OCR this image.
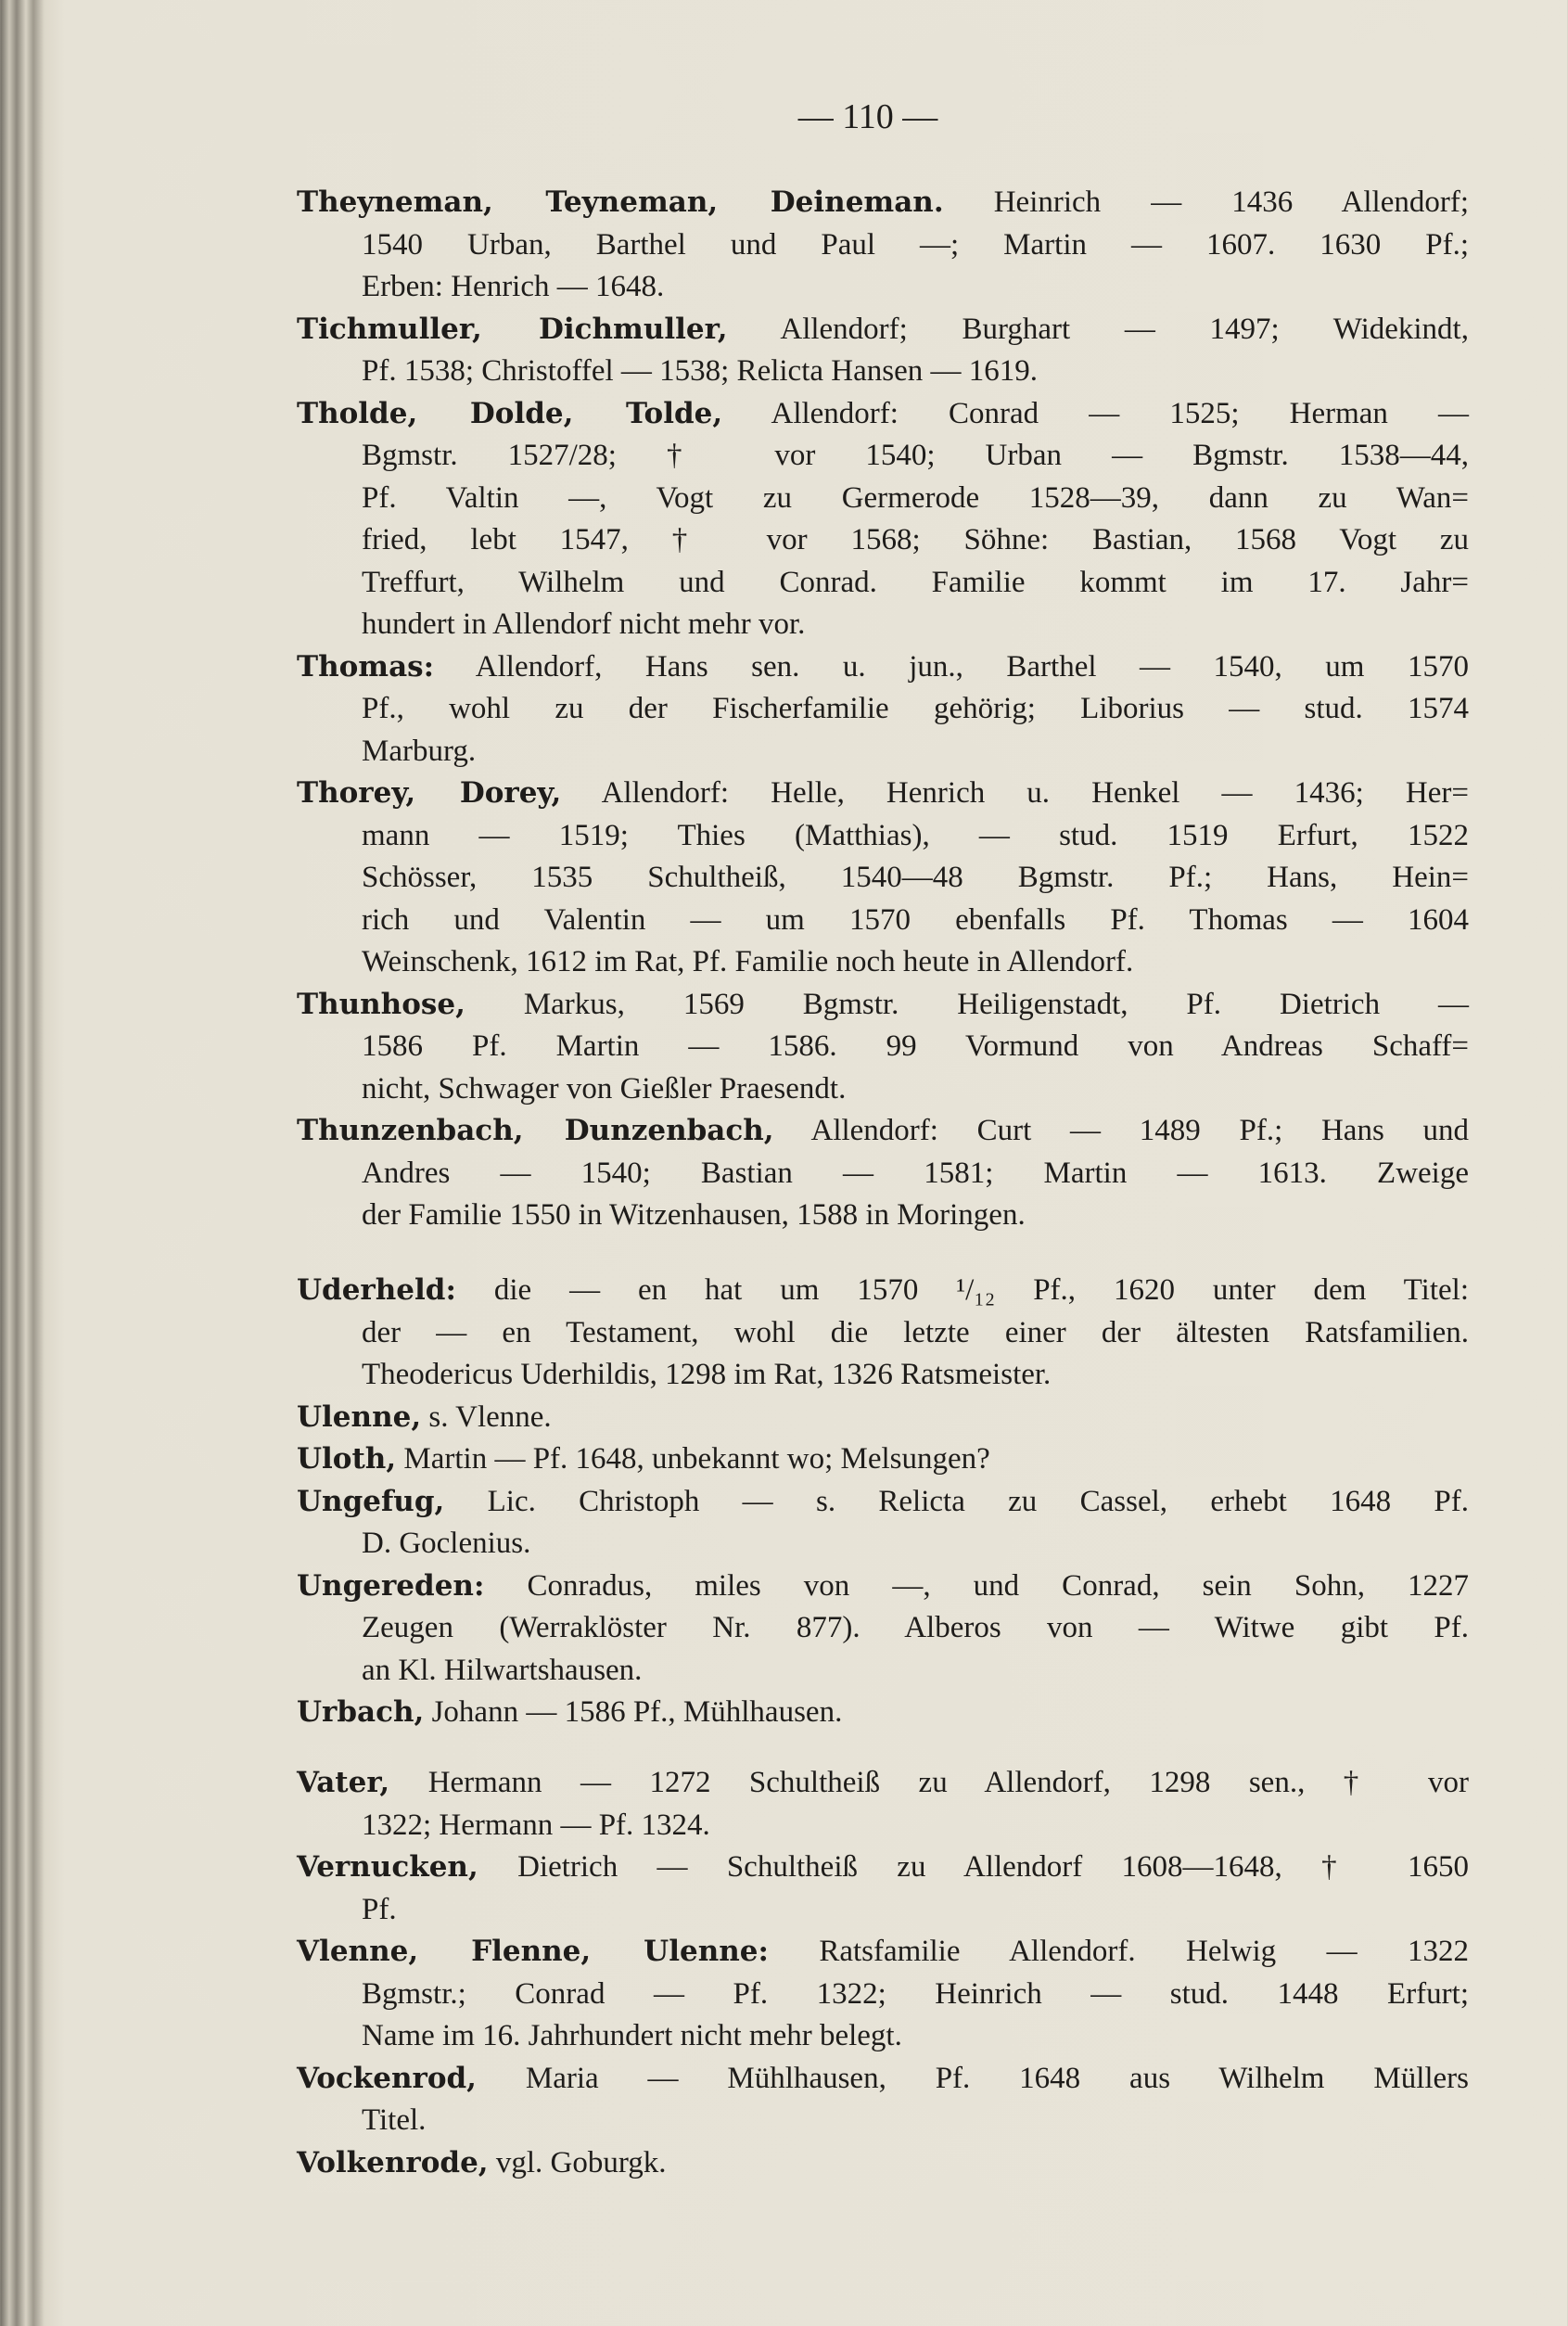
— 110 —
Theyneman, Teyneman, Deineman. Heinrich — 1436 Allendorf;
1540 Urban, Barthel und Paul —; Martin — 1607. 1630 Pf.;
Erben: Henrich — 1648.
Tichmuller, Dichmuller, Allendorf; Burghart — 1497; Widekindt,
Pf. 1538; Christoffel — 1538; Relicta Hansen — 1619.
Tholde, Dolde, Tolde, Allendorf: Conrad — 1525; Herman —
Bgmstr. 1527/28; † vor 1540; Urban — Bgmstr. 1538—44,
Pf. Valtin —, Vogt zu Germerode 1528—39, dann zu Wan=
fried, lebt 1547, † vor 1568; Söhne: Bastian, 1568 Vogt zu
Treffurt, Wilhelm und Conrad. Familie kommt im 17. Jahr=
hundert in Allendorf nicht mehr vor.
Thomas: Allendorf, Hans sen. u. jun., Barthel — 1540, um 1570
Pf., wohl zu der Fischerfamilie gehörig; Liborius — stud. 1574
Marburg.
Thorey, Dorey, Allendorf: Helle, Henrich u. Henkel — 1436; Her=
mann — 1519; Thies (Matthias), — stud. 1519 Erfurt, 1522
Schösser, 1535 Schultheiß, 1540—48 Bgmstr. Pf.; Hans, Hein=
rich und Valentin — um 1570 ebenfalls Pf. Thomas — 1604
Weinschenk, 1612 im Rat, Pf. Familie noch heute in Allendorf.
Thunhose, Markus, 1569 Bgmstr. Heiligenstadt, Pf. Dietrich —
1586 Pf. Martin — 1586. 99 Vormund von Andreas Schaff=
nicht, Schwager von Gießler Praesendt.
Thunzenbach, Dunzenbach, Allendorf: Curt — 1489 Pf.; Hans und
Andres — 1540; Bastian — 1581; Martin — 1613. Zweige
der Familie 1550 in Witzenhausen, 1588 in Moringen.
Uderheld: die — en hat um 1570 ¹/₁₂ Pf., 1620 unter dem Titel:
der — en Testament, wohl die letzte einer der ältesten Ratsfamilien.
Theodericus Uderhildis, 1298 im Rat, 1326 Ratsmeister.
Ulenne, s. Vlenne.
Uloth, Martin — Pf. 1648, unbekannt wo; Melsungen?
Ungefug, Lic. Christoph — s. Relicta zu Cassel, erhebt 1648 Pf.
D. Goclenius.
Ungereden: Conradus, miles von —, und Conrad, sein Sohn, 1227
Zeugen (Werraklöster Nr. 877). Alberos von — Witwe gibt Pf.
an Kl. Hilwartshausen.
Urbach, Johann — 1586 Pf., Mühlhausen.
Vater, Hermann — 1272 Schultheiß zu Allendorf, 1298 sen., † vor
1322; Hermann — Pf. 1324.
Vernucken, Dietrich — Schultheiß zu Allendorf 1608—1648, † 1650
Pf.
Vlenne, Flenne, Ulenne: Ratsfamilie Allendorf. Helwig — 1322
Bgmstr.; Conrad — Pf. 1322; Heinrich — stud. 1448 Erfurt;
Name im 16. Jahrhundert nicht mehr belegt.
Vockenrod, Maria — Mühlhausen, Pf. 1648 aus Wilhelm Müllers
Titel.
Volkenrode, vgl. Goburgk.
